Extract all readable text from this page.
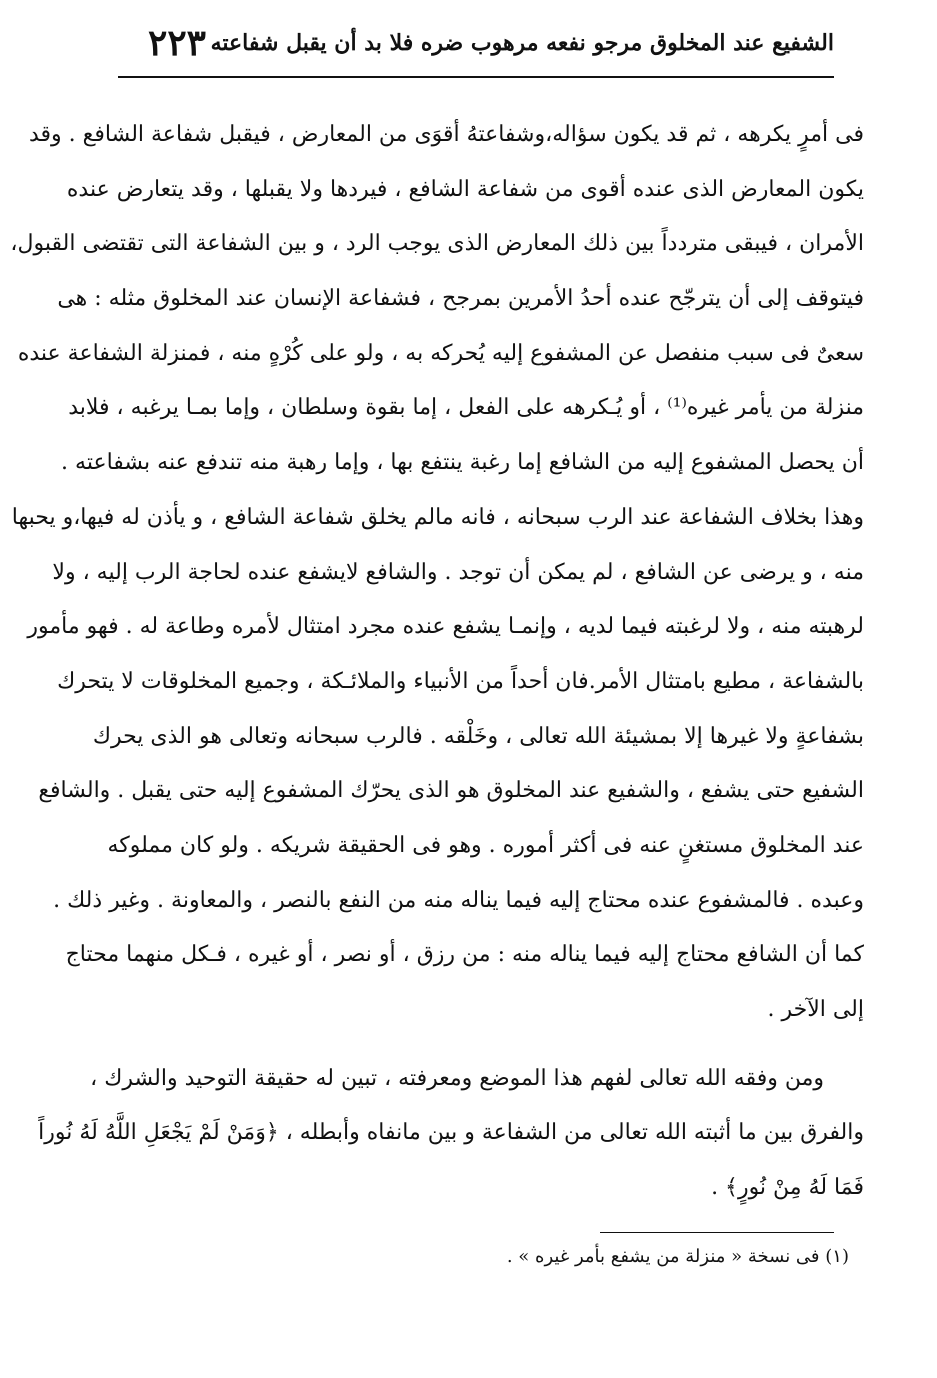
الشفيع عند المخلوق مرجو نفعه مرهوب ضره فلا بد أن يقبل شفاعته
٢٢٣
فى أمرٍ يكرهه ، ثم قد يكون سؤاله،وشفاعتهُ أقوَى من المعارض ، فيقبل شفاعة الشافع . وقد
يكون المعارض الذى عنده أقوى من شفاعة الشافع ، فيردها ولا يقبلها ، وقد يتعارض عنده
الأمران ، فيبقى متردداً بين ذلك المعارض الذى يوجب الرد ، و بين الشفاعة التى تقتضى القبول،
فيتوقف إلى أن يترجّح عنده أحدُ الأمرين بمرجح ، فشفاعة الإنسان عند المخلوق مثله : هى
سعىٌ فى سبب منفصل عن المشفوع إليه يُحركه به ، ولو على كُرْهٍ منه ، فمنزلة الشفاعة عنده
منزلة من يأمر غيره⁽¹⁾ ، أو يُـكرهه على الفعل ، إما بقوة وسلطان ، وإما بمـا يرغبه ، فلابد
أن يحصل المشفوع إليه من الشافع إما رغبة ينتفع بها ، وإما رهبة منه تندفع عنه بشفاعته .
وهذا بخلاف الشفاعة عند الرب سبحانه ، فانه مالم يخلق شفاعة الشافع ، و يأذن له فيها،و يحبها
منه ، و يرضى عن الشافع ، لم يمكن أن توجد . والشافع لايشفع عنده لحاجة الرب إليه ، ولا
لرهبته منه ، ولا لرغبته فيما لديه ، وإنمـا يشفع عنده مجرد امتثال لأمره وطاعة له . فهو مأمور
بالشفاعة ، مطيع بامتثال الأمر.فان أحداً من الأنبياء والملائـكة ، وجميع المخلوقات لا يتحرك
بشفاعةٍ ولا غيرها إلا بمشيئة الله تعالى ، وخَلْقه . فالرب سبحانه وتعالى هو الذى يحرك
الشفيع حتى يشفع ، والشفيع عند المخلوق هو الذى يحرّك المشفوع إليه حتى يقبل . والشافع
عند المخلوق مستغنٍ عنه فى أكثر أموره . وهو فى الحقيقة شريكه . ولو كان مملوكه
وعبده . فالمشفوع عنده محتاج إليه فيما يناله منه من النفع بالنصر ، والمعاونة . وغير ذلك .
كما أن الشافع محتاج إليه فيما يناله منه : من رزق ، أو نصر ، أو غيره ، فـكل منهما محتاج
إلى الآخر .
ومن وفقه الله تعالى لفهم هذا الموضع ومعرفته ، تبين له حقيقة التوحيد والشرك ،
والفرق بين ما أثبته الله تعالى من الشفاعة و بين مانفاه وأبطله ، ﴿وَمَنْ لَمْ يَجْعَلِ اللَّهُ لَهُ نُوراً
فَمَا لَهُ مِنْ نُورٍ﴾ .
(١) فى نسخة « منزلة من يشفع بأمر غيره » .
